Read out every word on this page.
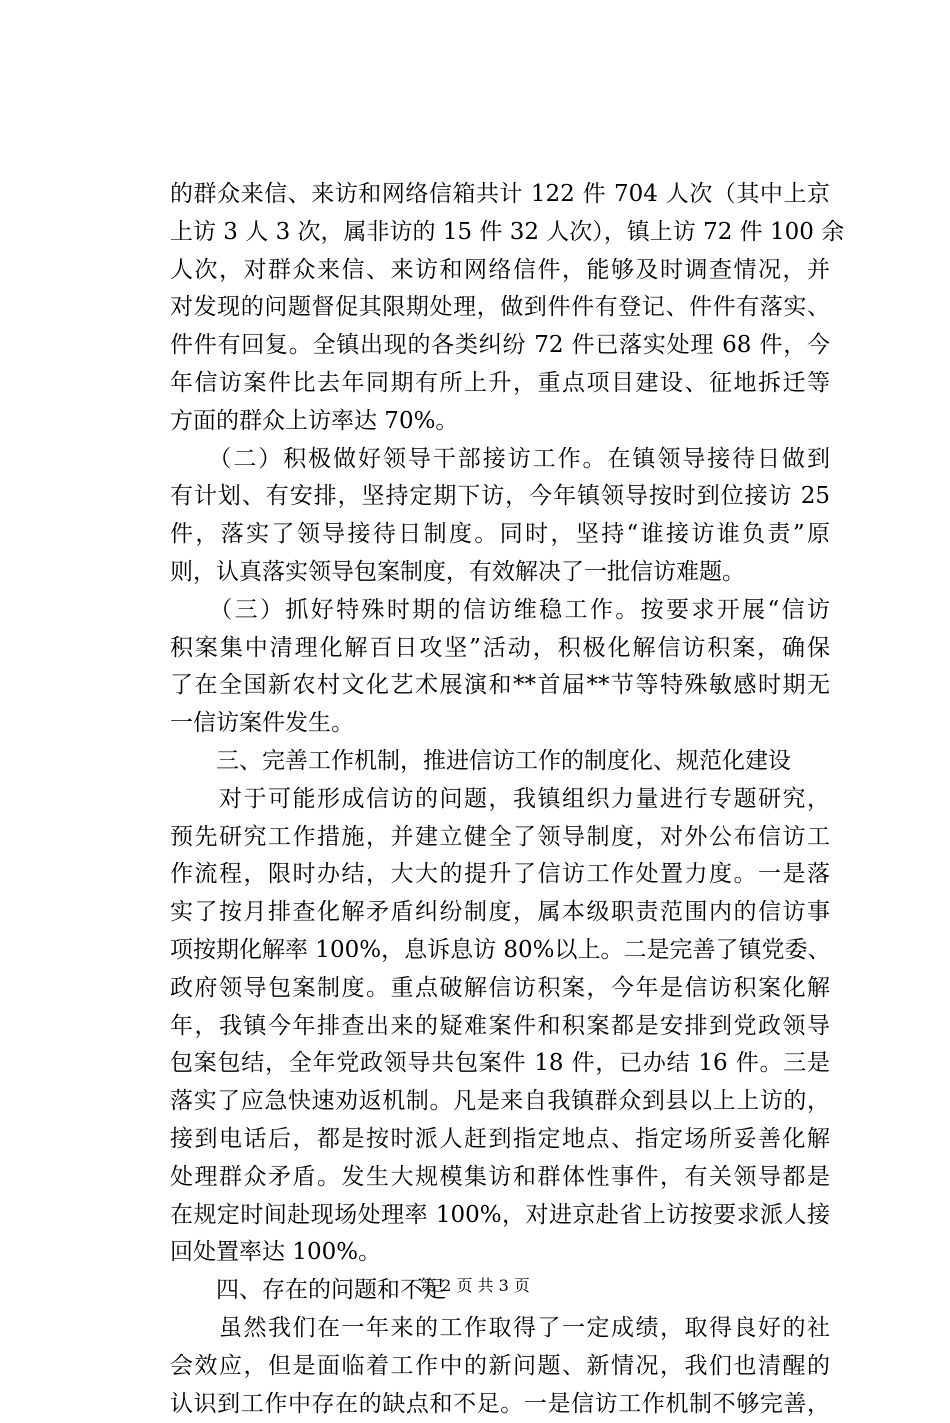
的群众来信、来访和网络信箱共计 122 件 704 人次（其中上京
上访 3 人 3 次，属非访的 15 件 32 人次），镇上访 72 件 100 余
人次，对群众来信、来访和网络信件，能够及时调查情况，并
对发现的问题督促其限期处理，做到件件有登记、件件有落实、
件件有回复。全镇出现的各类纠纷 72 件已落实处理 68 件，今
年信访案件比去年同期有所上升，重点项目建设、征地拆迁等
方面的群众上访率达 70%。
　　（二）积极做好领导干部接访工作。在镇领导接待日做到
有计划、有安排，坚持定期下访，今年镇领导按时到位接访 25
件，落实了领导接待日制度。同时，坚持“谁接访谁负责”原
则，认真落实领导包案制度，有效解决了一批信访难题。
　　（三）抓好特殊时期的信访维稳工作。按要求开展“信访
积案集中清理化解百日攻坚”活动，积极化解信访积案，确保
了在全国新农村文化艺术展演和**首届**节等特殊敏感时期无
一信访案件发生。
　　三、完善工作机制，推进信访工作的制度化、规范化建设
　　对于可能形成信访的问题，我镇组织力量进行专题研究，
预先研究工作措施，并建立健全了领导制度，对外公布信访工
作流程，限时办结，大大的提升了信访工作处置力度。一是落
实了按月排查化解矛盾纠纷制度，属本级职责范围内的信访事
项按期化解率 100%，息诉息访 80%以上。二是完善了镇党委、
政府领导包案制度。重点破解信访积案，今年是信访积案化解
年，我镇今年排查出来的疑难案件和积案都是安排到党政领导
包案包结，全年党政领导共包案件 18 件，已办结 16 件。三是
落实了应急快速劝返机制。凡是来自我镇群众到县以上上访的，
接到电话后，都是按时派人赶到指定地点、指定场所妥善化解
处理群众矛盾。发生大规模集访和群体性事件，有关领导都是
在规定时间赴现场处理率 100%，对进京赴省上访按要求派人接
回处置率达 100%。
　　四、存在的问题和不足
　　虽然我们在一年来的工作取得了一定成绩，取得良好的社
会效应，但是面临着工作中的新问题、新情况，我们也清醒的
认识到工作中存在的缺点和不足。一是信访工作机制不够完善，
第 2 页 共 3 页
